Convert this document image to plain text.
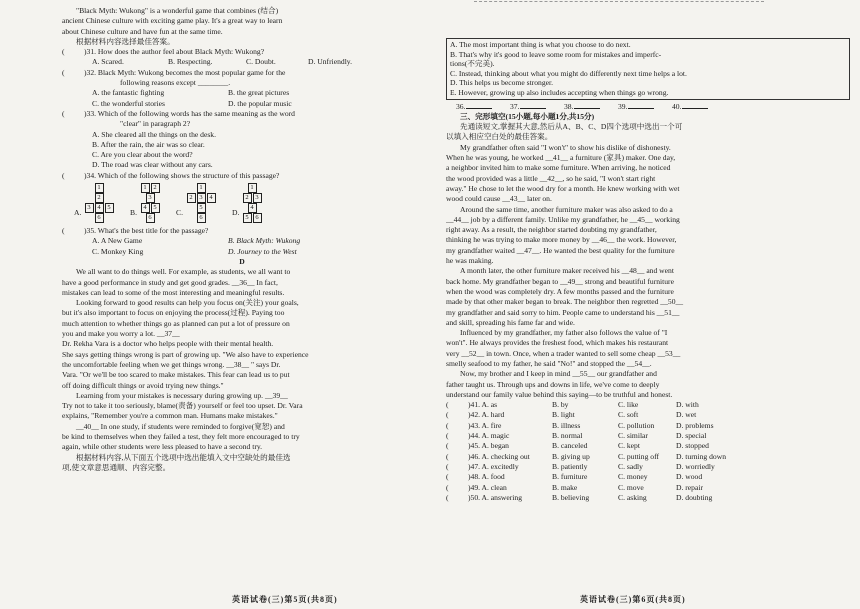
"Black Myth: Wukong" is a wonderful game that combines (结合)
ancient Chinese culture with exciting game play. It's a great way to learn
about Chinese culture and have fun at the same time.
根据材料内容选择最佳答案。
(	)31. How does the author feel about Black Myth: Wukong?
A. Scared.	B. Respecting.	C. Doubt.	D. Unfriendly.
(	)32. Black Myth: Wukong becomes the most popular game for the
following reasons except ________.
A. the fantastic fighting	B. the great pictures
C. the wonderful stories	D. the popular music
(	)33. Which of the following words has the same meaning as the word
"clear" in paragraph 2?
A. She cleared all the things on the desk.
B. After the rain, the air was so clear.
C. Are you clear about the word?
D. The road was clear without any cars.
(	)34. Which of the following shows the structure of this passage?
A.
1
2
3	4	5
6
B.
1	2
3
4	5
6
C.
1
2	3	4
5
6
D.
1
2	3
4
5	6
(	)35. What's the best title for the passage?
A. A New Game	B. Black Myth: Wukong
C. Monkey King	D. Journey to the West
D
We all want to do things well. For example, as students, we all want to
have a good performance in study and get good grades. __36__ In fact,
mistakes can lead to some of the most interesting and meaningful results.
Looking forward to good results can help you focus on(关注) your goals,
but it's also important to focus on enjoying the process(过程). Paying too
much attention to whether things go as planned can put a lot of pressure on
you and make you worry a lot. __37__
Dr. Rekha Vara is a doctor who helps people with their mental health.
She says getting things wrong is part of growing up. "We also have to experience
the uncomfortable feeling when we get things wrong. __38__ " says Dr.
Vara. "Or we'll be too scared to make mistakes. This fear can lead us to put
off doing difficult things or avoid trying new things."
Learning from your mistakes is necessary during growing up. __39__
Try not to take it too seriously, blame(责备) yourself or feel too upset. Dr. Vara
explains, "Remember you're a common man. Humans make mistakes."
__40__ In one study, if students were reminded to forgive(宽恕) and
be kind to themselves when they failed a test, they felt more encouraged to try
again, while other students were less pleased to have a second try.
根据材料内容,从下面五个选项中选出能填入文中空缺处的最佳选
项,使文章意思通顺、内容完整。
英语试卷(三)第5页(共8页)
A. The most important thing is what you choose to do next.
B. That's why it's good to leave some room for mistakes and imperfc-
tions(不完美).
C. Instead, thinking about what you might do differently next time helps a lot.
D. This helps us become stronger.
E. However, growing up also includes accepting when things go wrong.
36.	37.	38.	39.	40.
三、完形填空(15小题,每小题1分,共15分)
先通读短文,掌握其大意,然后从A、B、C、D四个选项中选出一个可
以填入相应空白处的最佳答案。
My grandfather often said "I won't" to show his dislike of dishonesty.
When he was young, he worked __41__ a furniture (家具) maker. One day,
a neighbor invited him to make some furniture. When arriving, he noticed
the wood provided was a little __42__, so he said, "I won't start right
away." He chose to let the wood dry for a month. He knew working with wet
wood could cause __43__ later on.
Around the same time, another furniture maker was also asked to do a
__44__ job by a different family. Unlike my grandfather, he __45__ working
right away. As a result, the neighbor started doubting my grandfather,
thinking he was trying to make more money by __46__ the work. However,
my grandfather waited __47__. He wanted the best quality for the furniture
he was making.
A month later, the other furniture maker received his __48__ and went
back home. My grandfather began to __49__ strong and beautiful furniture
when the wood was completely dry. A few months passed and the furniture
made by that other maker began to break. The neighbor then regretted __50__
my grandfather and said sorry to him. People came to understand his __51__
and skill, spreading his fame far and wide.
Influenced by my grandfather, my father also follows the value of "I
won't". He always provides the freshest food, which makes his restaurant
very __52__ in town. Once, when a trader wanted to sell some cheap __53__
smelly seafood to my father, he said "No!" and stopped the __54__.
Now, my brother and I keep in mind __55__ our grandfather and
father taught us. Through ups and downs in life, we've come to deeply
understand our family value behind this saying—to be truthful and honest.
(	)41. A. as	B. by	C. like	D. with
(	)42. A. hard	B. light	C. soft	D. wet
(	)43. A. fire	B. illness	C. pollution	D. problems
(	)44. A. magic	B. normal	C. similar	D. special
(	)45. A. began	B. canceled	C. kept	D. stopped
(	)46. A. checking out	B. giving up	C. putting off	D. turning down
(	)47. A. excitedly	B. patiently	C. sadly	D. worriedly
(	)48. A. food	B. furniture	C. money	D. wood
(	)49. A. clean	B. make	C. move	D. repair
(	)50. A. answering	B. believing	C. asking	D. doubting
英语试卷(三)第6页(共8页)
